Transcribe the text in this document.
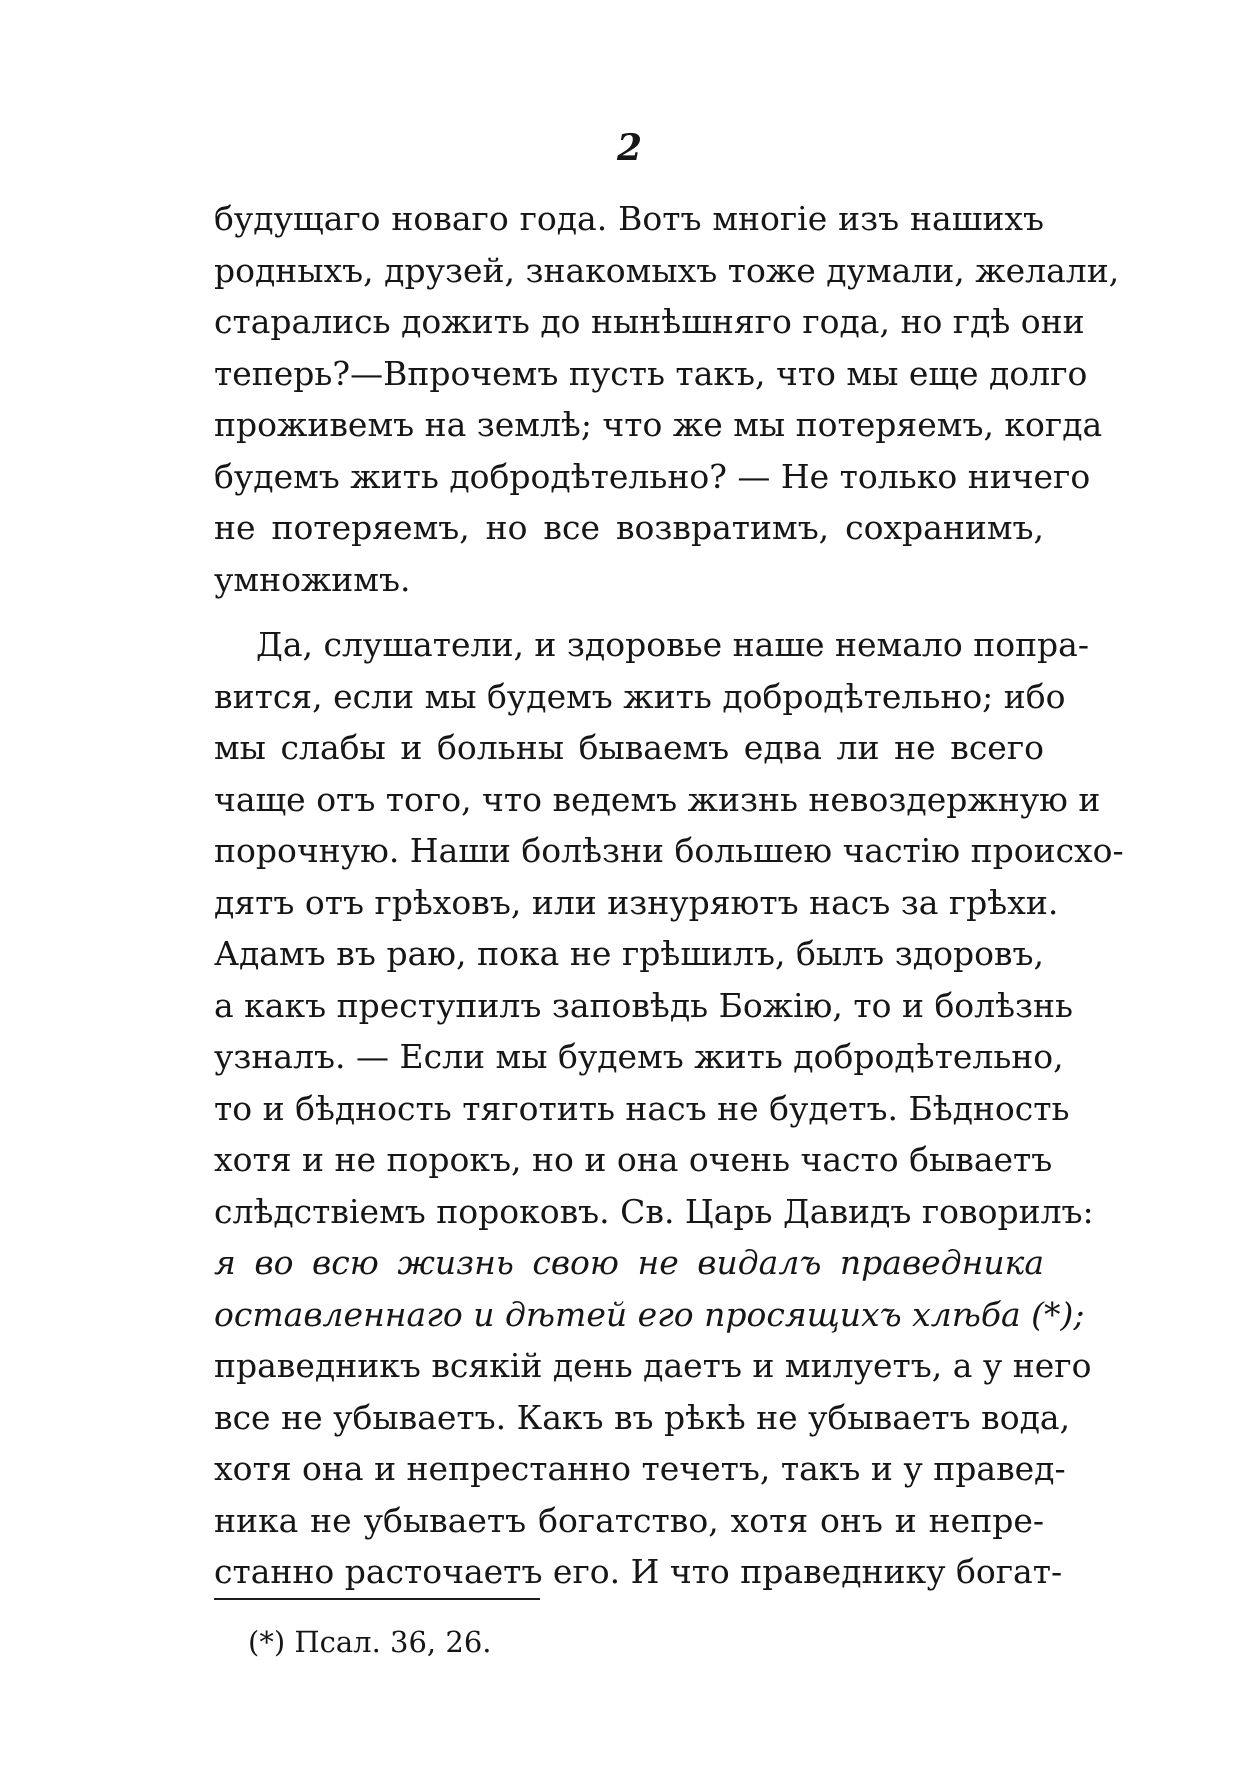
2
будущаго новаго года. Вотъ многіе изъ нашихъ
родныхъ, друзей, знакомыхъ тоже думали, желали,
старались дожить до нынѣшняго года, но гдѣ они
теперь?—Впрочемъ пусть такъ, что мы еще долго
проживемъ на землѣ; что же мы потеряемъ, когда
будемъ жить добродѣтельно? — Не только ничего
не потеряемъ, но все возвратимъ, сохранимъ,
умножимъ.
Да, слушатели, и здоровье наше немало попра-
вится, если мы будемъ жить добродѣтельно; ибо
мы слабы и больны бываемъ едва ли не всего
чаще отъ того, что ведемъ жизнь невоздержную и
порочную. Наши болѣзни большею частію происхо-
дятъ отъ грѣховъ, или изнуряютъ насъ за грѣхи.
Адамъ въ раю, пока не грѣшилъ, былъ здоровъ,
а какъ преступилъ заповѣдь Божію, то и болѣзнь
узналъ. — Если мы будемъ жить добродѣтельно,
то и бѣдность тяготить насъ не будетъ. Бѣдность
хотя и не порокъ, но и она очень часто бываетъ
слѣдствіемъ пороковъ. Св. Царь Давидъ говорилъ:
я во всю жизнь свою не видалъ праведника
оставленнаго и дѣтей его просящихъ хлѣба (*);
праведникъ всякій день даетъ и милуетъ, а у него
все не убываетъ. Какъ въ рѣкѣ не убываетъ вода,
хотя она и непрестанно течетъ, такъ и у правед-
ника не убываетъ богатство, хотя онъ и непре-
станно расточаетъ его. И что праведнику богат-
(*) Псал. 36, 26.
